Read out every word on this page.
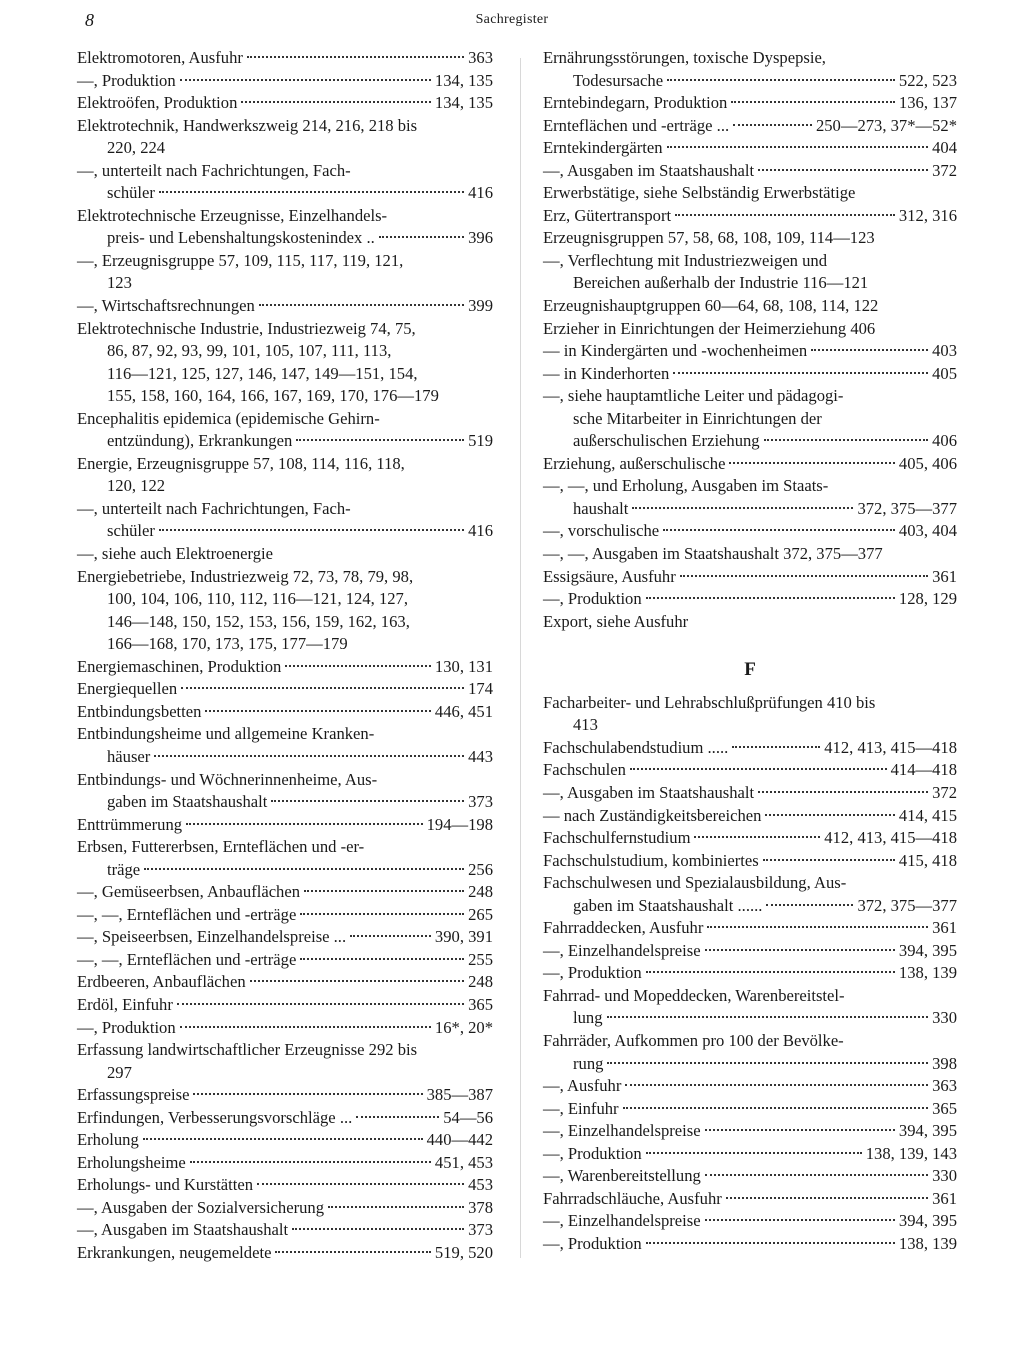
8	Sachregister
Elektromotoren, Ausfuhr	363
—, Produktion	134, 135
Elektroöfen, Produktion	134, 135
Elektrotechnik, Handwerkszweig 214, 216, 218 bis
220, 224
—, unterteilt nach Fachrichtungen, Fach-
schüler	416
Elektrotechnische Erzeugnisse, Einzelhandels-
preis- und Lebenshaltungskostenindex ..	396
—, Erzeugnisgruppe 57, 109, 115, 117, 119, 121,
123
—, Wirtschaftsrechnungen	399
Elektrotechnische Industrie, Industriezweig 74, 75,
86, 87, 92, 93, 99, 101, 105, 107, 111, 113,
116—121, 125, 127, 146, 147, 149—151, 154,
155, 158, 160, 164, 166, 167, 169, 170, 176—179
Encephalitis epidemica (epidemische Gehirn-
entzündung), Erkrankungen	519
Energie, Erzeugnisgruppe 57, 108, 114, 116, 118,
120, 122
—, unterteilt nach Fachrichtungen, Fach-
schüler	416
—, siehe auch Elektroenergie
Energiebetriebe, Industriezweig 72, 73, 78, 79, 98,
100, 104, 106, 110, 112, 116—121, 124, 127,
146—148, 150, 152, 153, 156, 159, 162, 163,
166—168, 170, 173, 175, 177—179
Energiemaschinen, Produktion	130, 131
Energiequellen	174
Entbindungsbetten	446, 451
Entbindungsheime und allgemeine Kranken-
häuser	443
Entbindungs- und Wöchnerinnenheime, Aus-
gaben im Staatshaushalt	373
Enttrümmerung	194—198
Erbsen, Futtererbsen, Ernteflächen und -er-
träge	256
—, Gemüseerbsen, Anbauflächen	248
—, —, Ernteflächen und -erträge	265
—, Speiseerbsen, Einzelhandelspreise ...	390, 391
—, —, Ernteflächen und -erträge	255
Erdbeeren, Anbauflächen	248
Erdöl, Einfuhr	365
—, Produktion	16*, 20*
Erfassung landwirtschaftlicher Erzeugnisse 292 bis
297
Erfassungspreise	385—387
Erfindungen, Verbesserungsvorschläge ...	54—56
Erholung	440—442
Erholungsheime	451, 453
Erholungs- und Kurstätten	453
—, Ausgaben der Sozialversicherung	378
—, Ausgaben im Staatshaushalt	373
Erkrankungen, neugemeldete	519, 520
Ernährungsstörungen, toxische Dyspepsie,
Todesursache	522, 523
Erntebindegarn, Produktion	136, 137
Ernteflächen und -erträge ...	250—273, 37*—52*
Erntekindergärten	404
—, Ausgaben im Staatshaushalt	372
Erwerbstätige, siehe Selbständig Erwerbstätige
Erz, Gütertransport	312, 316
Erzeugnisgruppen 57, 58, 68, 108, 109, 114—123
—, Verflechtung mit Industriezweigen und
Bereichen außerhalb der Industrie 116—121
Erzeugnishauptgruppen 60—64, 68, 108, 114, 122
Erzieher in Einrichtungen der Heimerziehung 406
— in Kindergärten und -wochenheimen	403
— in Kinderhorten	405
—, siehe hauptamtliche Leiter und pädagogi-
sche Mitarbeiter in Einrichtungen der
außerschulischen Erziehung	406
Erziehung, außerschulische	405, 406
—, —, und Erholung, Ausgaben im Staats-
haushalt	372, 375—377
—, vorschulische	403, 404
—, —, Ausgaben im Staatshaushalt 372, 375—377
Essigsäure, Ausfuhr	361
—, Produktion	128, 129
Export, siehe Ausfuhr
F
Facharbeiter- und Lehrabschlußprüfungen 410 bis
413
Fachschulabendstudium .....	412, 413, 415—418
Fachschulen	414—418
—, Ausgaben im Staatshaushalt	372
— nach Zuständigkeitsbereichen	414, 415
Fachschulfernstudium	412, 413, 415—418
Fachschulstudium, kombiniertes	415, 418
Fachschulwesen und Spezialausbildung, Aus-
gaben im Staatshaushalt ......	372, 375—377
Fahrraddecken, Ausfuhr	361
—, Einzelhandelspreise	394, 395
—, Produktion	138, 139
Fahrrad- und Mopeddecken, Warenbereitstel-
lung	330
Fahrräder, Aufkommen pro 100 der Bevölke-
rung	398
—, Ausfuhr	363
—, Einfuhr	365
—, Einzelhandelspreise	394, 395
—, Produktion	138, 139, 143
—, Warenbereitstellung	330
Fahrradschläuche, Ausfuhr	361
—, Einzelhandelspreise	394, 395
—, Produktion	138, 139
